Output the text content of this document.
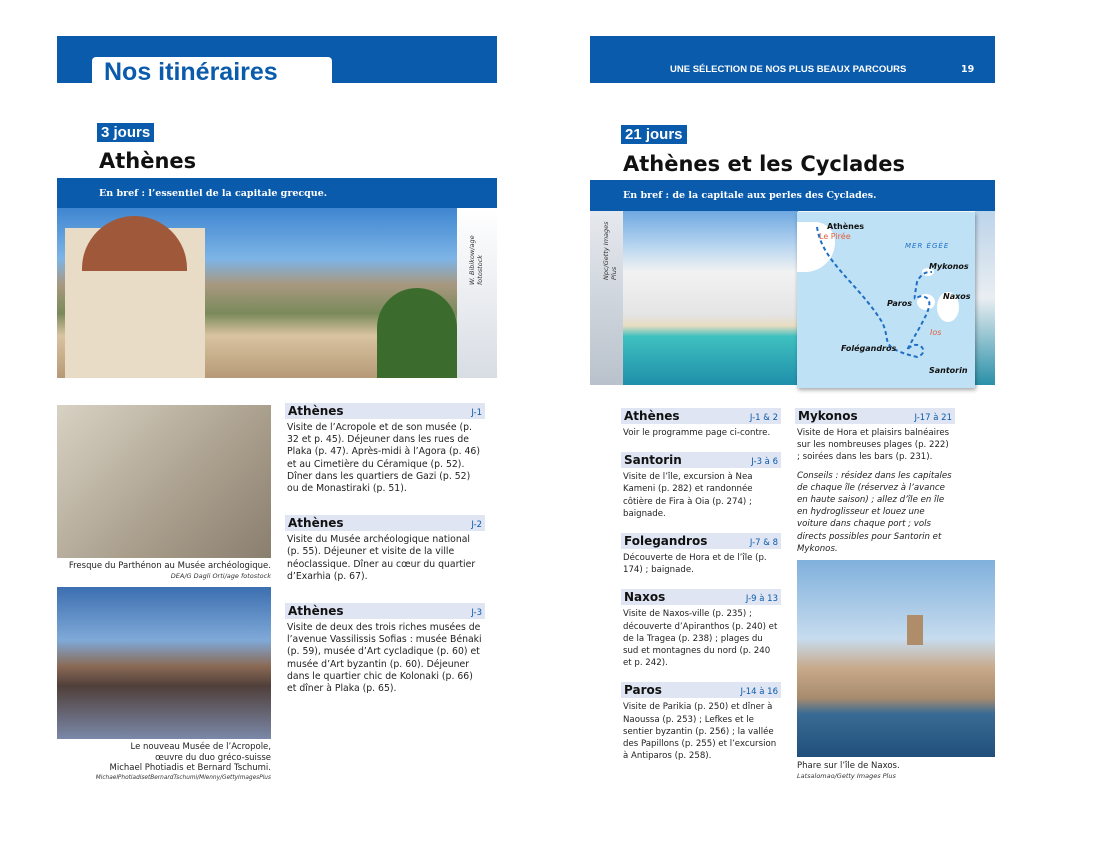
Nos itinéraires
3 jours
Athènes
En bref : l’essentiel de la capitale grecque.
W. Bibikow/age fotostock
Fresque du Parthénon au Musée archéologique.
DEA/G Dagli Orti/age fotostock
Le nouveau Musée de l’Acropole,
œuvre du duo gréco-suisse
Michael Photiadis et Bernard Tschumi.
MichaelPhotiadisetBernardTschumi/Mlenny/GettyImagesPlus
Athènes	J-1
Visite de l’Acropole et de son musée (p. 32 et p. 45). Déjeuner dans les rues de Plaka (p. 47). Après-midi à l’Agora (p. 46) et au Cimetière du Céramique (p. 52). Dîner dans les quartiers de Gazi (p. 52) ou de Monastiraki (p. 51).
Athènes	J-2
Visite du Musée archéologique national (p. 55). Déjeuner et visite de la ville néoclassique. Dîner au cœur du quartier d’Exarhia (p. 67).
Athènes	J-3
Visite de deux des trois riches musées de l’avenue Vassilissis Sofias : musée Bénaki (p. 59), musée d’Art cycladique (p. 60) et musée d’Art byzantin (p. 60). Déjeuner dans le quartier chic de Kolonaki (p. 66) et dîner à Plaka (p. 65).
UNE SÉLECTION DE NOS PLUS BEAUX PARCOURS	19
21 jours
Athènes et les Cyclades
En bref : de la capitale aux perles des Cyclades.
Npc/Getty Images Plus
Athènes
Le Pirée
MER ÉGÉE
Mykonos
Naxos
Paros
Ios
Folégandros
Santorin
Athènes	J-1 & 2
Voir le programme page ci-contre.
Santorin	J-3 à 6
Visite de l’île, excursion à Nea Kameni (p. 282) et randonnée côtière de Fira à Oia (p. 274) ; baignade.
Folegandros	J-7 & 8
Découverte de Hora et de l’île (p. 174) ; baignade.
Naxos	J-9 à 13
Visite de Naxos-ville (p. 235) ; découverte d’Apiranthos (p. 240) et de la Tragea (p. 238) ; plages du sud et montagnes du nord (p. 240 et p. 242).
Paros	J-14 à 16
Visite de Parikia (p. 250) et dîner à Naoussa (p. 253) ; Lefkes et le sentier byzantin (p. 256) ; la vallée des Papillons (p. 255) et l’excursion à Antiparos (p. 258).
Mykonos	J-17 à 21
Visite de Hora et plaisirs balnéaires sur les nombreuses plages (p. 222) ; soirées dans les bars (p. 231).
Conseils : résidez dans les capitales de chaque île (réservez à l’avance en haute saison) ; allez d’île en île en hydroglisseur et louez une voiture dans chaque port ; vols directs possibles pour Santorin et Mykonos.
Phare sur l’île de Naxos.
Latsalomao/Getty Images Plus
